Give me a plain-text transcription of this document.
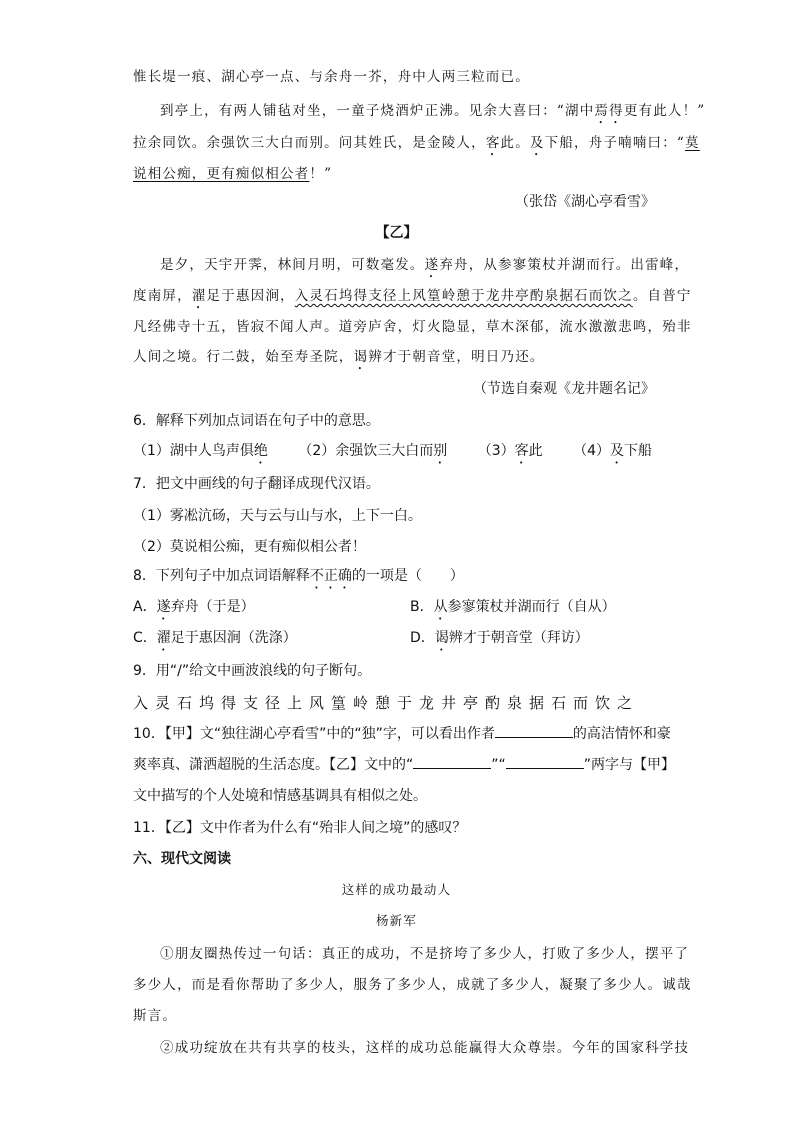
惟长堤一痕、湖心亭一点、与余舟一芥，舟中人两三粒而已。
到亭上，有两人铺毡对坐，一童子烧酒炉正沸。见余大喜曰：“湖中焉得更有此人！”
拉余同饮。余强饮三大白而别。问其姓氏，是金陵人，客此。及下船，舟子喃喃曰：“莫
说相公痴，更有痴似相公者！”
（张岱《湖心亭看雪》
【乙】
是夕，天宇开霁，林间月明，可数毫发。遂弃舟，从参寥策杖并湖而行。出雷峰，
度南屏，濯足于惠因涧，入灵石坞得支径上风篁岭憩于龙井亭酌泉据石而饮之。自普宁
凡经佛寺十五，皆寂不闻人声。道旁庐舍，灯火隐显，草木深郁，流水激激悲鸣，殆非
人间之境。行二鼓，始至寿圣院，谒辨才于朝音堂，明日乃还。
（节选自秦观《龙井题名记》
6．解释下列加点词语在句子中的意思。
（1）湖中人鸟声俱绝 （2）余强饮三大白而别 （3）客此 （4）及下船
7．把文中画线的句子翻译成现代汉语。
（1）雾凇沆砀，天与云与山与水，上下一白。
（2）莫说相公痴，更有痴似相公者！
8．下列句子中加点词语解释不正确的一项是（　　）
A．遂弃舟（于是）	B．从参寥策杖并湖而行（自从）
C．濯足于惠因涧（洗涤）	D．谒辨才于朝音堂（拜访）
9．用“/”给文中画波浪线的句子断句。
入灵石坞得支径上风篁岭憩于龙井亭酌泉据石而饮之
10．【甲】文“独往湖心亭看雪”中的“独”字，可以看出作者	的高洁情怀和豪
爽率真、潇洒超脱的生活态度。【乙】文中的“	”“	”两字与【甲】
文中描写的个人处境和情感基调具有相似之处。
11．【乙】文中作者为什么有“殆非人间之境”的感叹？
六、现代文阅读
这样的成功最动人
杨新军
①朋友圈热传过一句话：真正的成功，不是挤垮了多少人，打败了多少人，摆平了
多少人，而是看你帮助了多少人，服务了多少人，成就了多少人，凝聚了多少人。诚哉
斯言。
②成功绽放在共有共享的枝头，这样的成功总能赢得大众尊崇。今年的国家科学技
